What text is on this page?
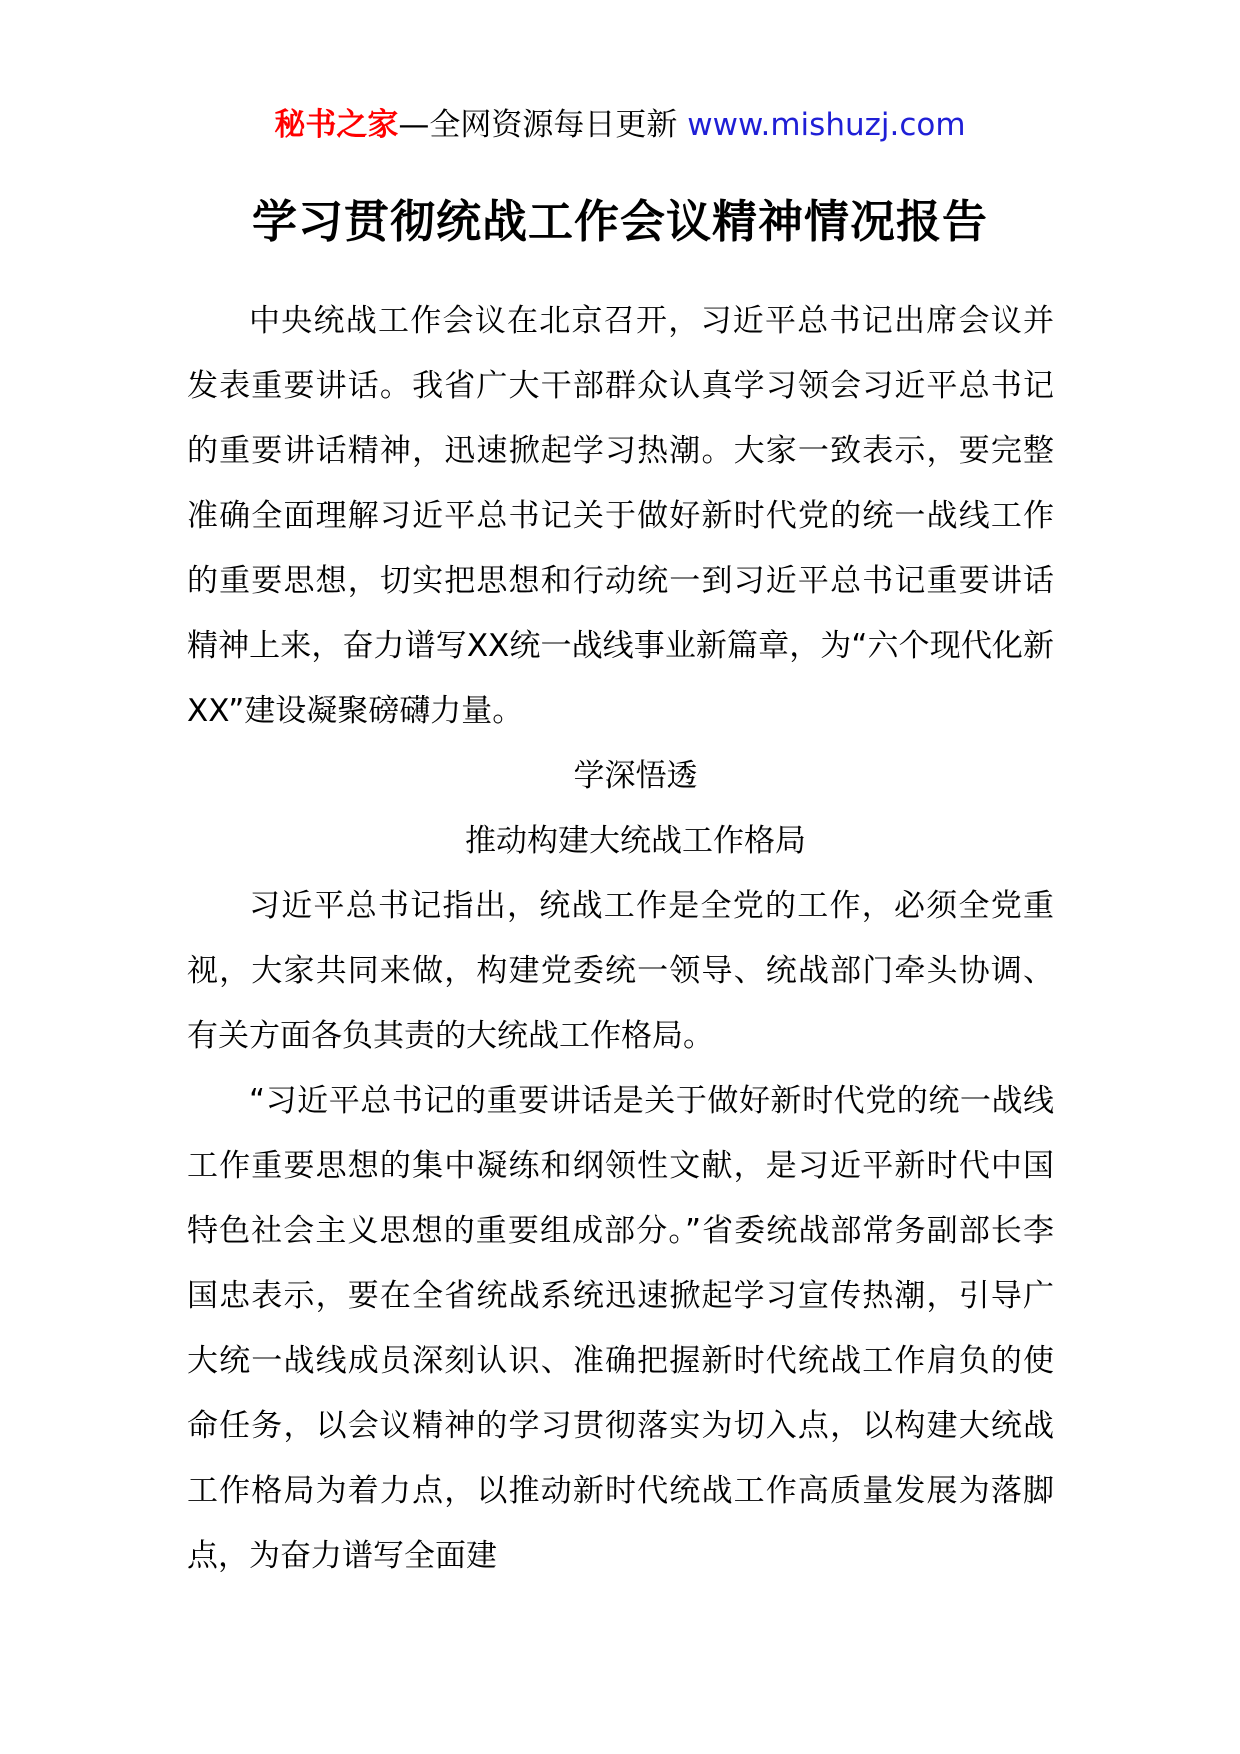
秘书之家—全网资源每日更新 www.mishuzj.com
学习贯彻统战工作会议精神情况报告

中央统战工作会议在北京召开，习近平总书记出席会议并发表重要讲话。我省广大干部群众认真学习领会习近平总书记的重要讲话精神，迅速掀起学习热潮。大家一致表示，要完整准确全面理解习近平总书记关于做好新时代党的统一战线工作的重要思想，切实把思想和行动统一到习近平总书记重要讲话精神上来，奋力谱写XX统一战线事业新篇章，为“六个现代化新XX”建设凝聚磅礴力量。

学深悟透
推动构建大统战工作格局

习近平总书记指出，统战工作是全党的工作，必须全党重视，大家共同来做，构建党委统一领导、统战部门牵头协调、有关方面各负其责的大统战工作格局。

“习近平总书记的重要讲话是关于做好新时代党的统一战线工作重要思想的集中凝练和纲领性文献，是习近平新时代中国特色社会主义思想的重要组成部分。”省委统战部常务副部长李国忠表示，要在全省统战系统迅速掀起学习宣传热潮，引导广大统一战线成员深刻认识、准确把握新时代统战工作肩负的使命任务，以会议精神的学习贯彻落实为切入点，以构建大统战工作格局为着力点，以推动新时代统战工作高质量发展为落脚点，为奋力谱写全面建
